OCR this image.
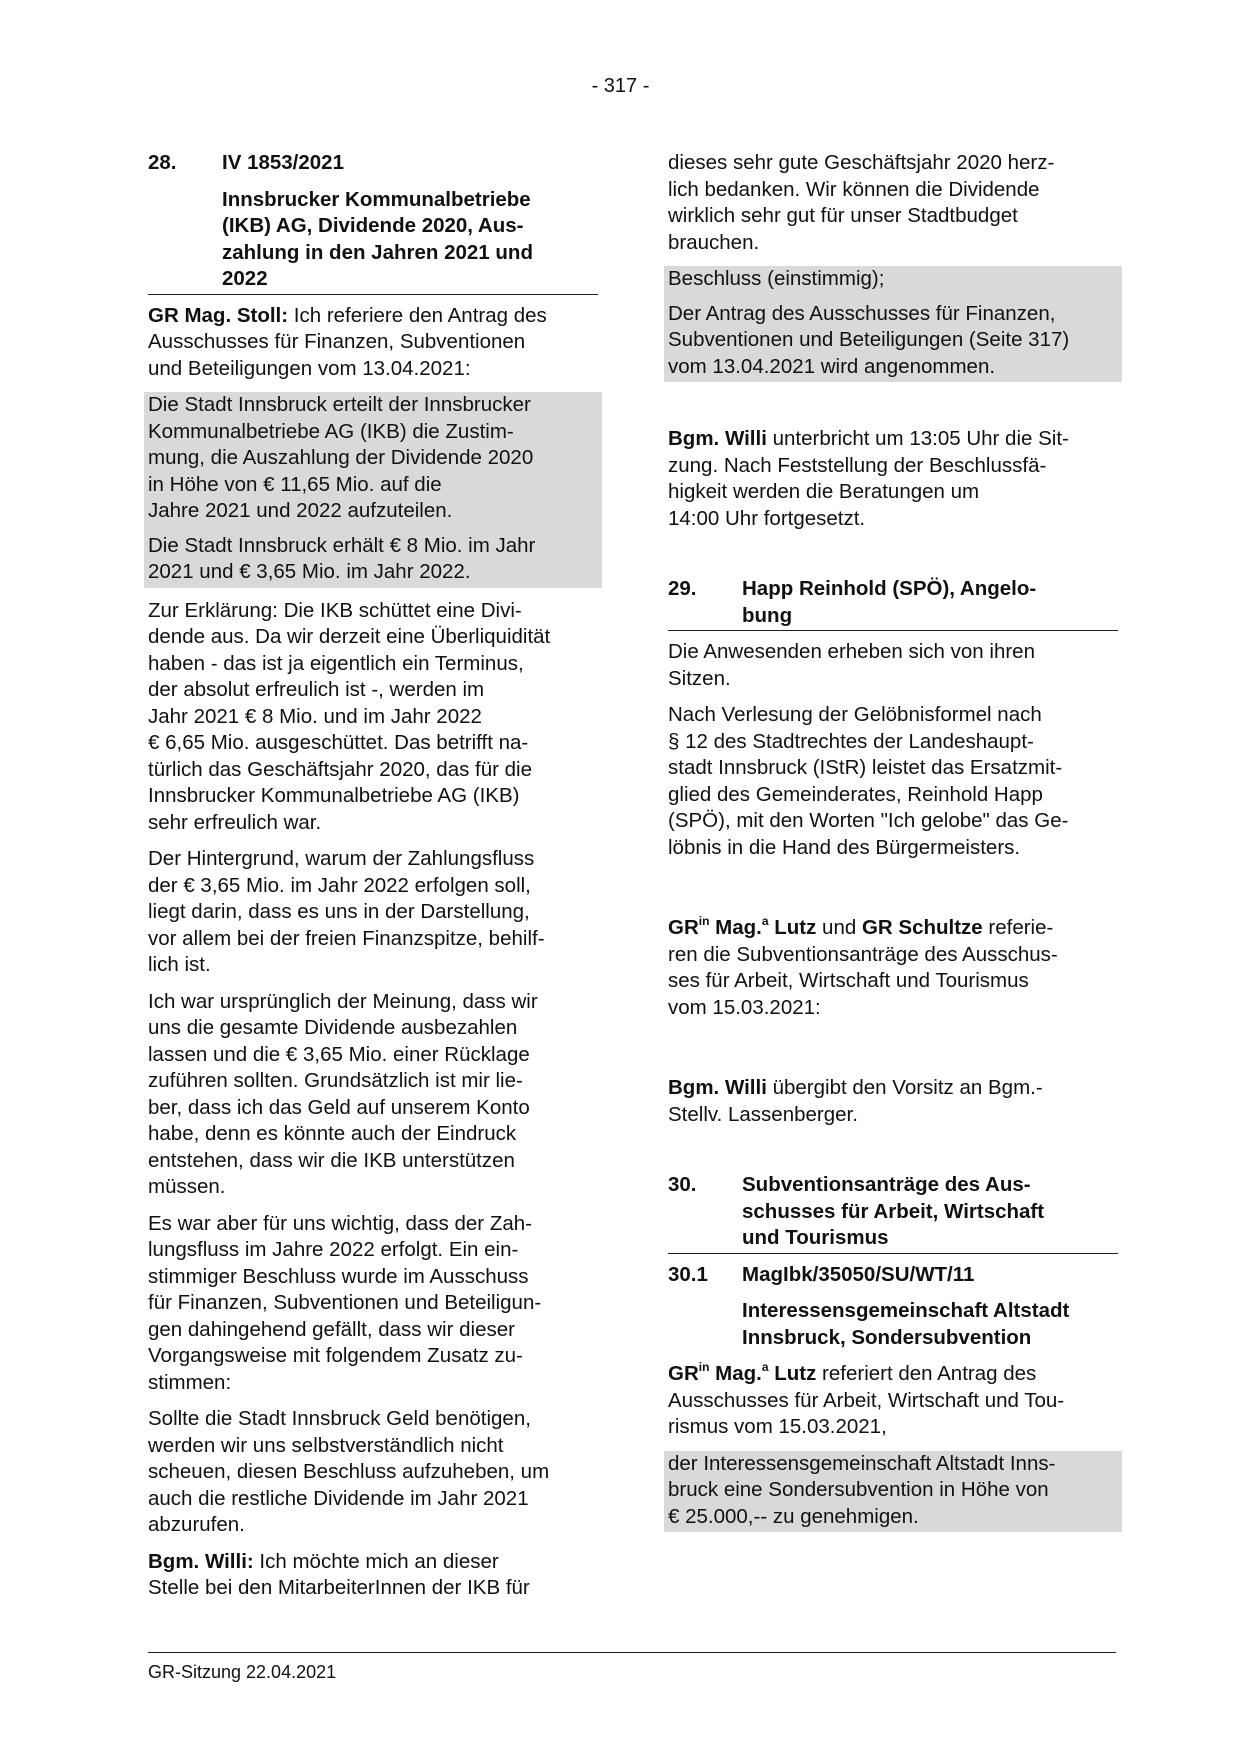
- 317 -
28.	IV 1853/2021
Innsbrucker Kommunalbetriebe
(IKB) AG, Dividende 2020, Aus-
zahlung in den Jahren 2021 und
2022

GR Mag. Stoll: Ich referiere den Antrag des
Ausschusses für Finanzen, Subventionen
und Beteiligungen vom 13.04.2021:

Die Stadt Innsbruck erteilt der Innsbrucker
Kommunalbetriebe AG (IKB) die Zustim-
mung, die Auszahlung der Dividende 2020
in Höhe von € 11,65 Mio. auf die
Jahre 2021 und 2022 aufzuteilen.

Die Stadt Innsbruck erhält € 8 Mio. im Jahr
2021 und € 3,65 Mio. im Jahr 2022.

Zur Erklärung: Die IKB schüttet eine Divi-
dende aus. Da wir derzeit eine Überliquidität
haben - das ist ja eigentlich ein Terminus,
der absolut erfreulich ist -, werden im
Jahr 2021 € 8 Mio. und im Jahr 2022
€ 6,65 Mio. ausgeschüttet. Das betrifft na-
türlich das Geschäftsjahr 2020, das für die
Innsbrucker Kommunalbetriebe AG (IKB)
sehr erfreulich war.

Der Hintergrund, warum der Zahlungsfluss
der € 3,65 Mio. im Jahr 2022 erfolgen soll,
liegt darin, dass es uns in der Darstellung,
vor allem bei der freien Finanzspitze, behilf-
lich ist.

Ich war ursprünglich der Meinung, dass wir
uns die gesamte Dividende ausbezahlen
lassen und die € 3,65 Mio. einer Rücklage
zuführen sollten. Grundsätzlich ist mir lie-
ber, dass ich das Geld auf unserem Konto
habe, denn es könnte auch der Eindruck
entstehen, dass wir die IKB unterstützen
müssen.

Es war aber für uns wichtig, dass der Zah-
lungsfluss im Jahre 2022 erfolgt. Ein ein-
stimmiger Beschluss wurde im Ausschuss
für Finanzen, Subventionen und Beteiligun-
gen dahingehend gefällt, dass wir dieser
Vorgangsweise mit folgendem Zusatz zu-
stimmen:

Sollte die Stadt Innsbruck Geld benötigen,
werden wir uns selbstverständlich nicht
scheuen, diesen Beschluss aufzuheben, um
auch die restliche Dividende im Jahr 2021
abzurufen.

Bgm. Willi: Ich möchte mich an dieser
Stelle bei den MitarbeiterInnen der IKB für

dieses sehr gute Geschäftsjahr 2020 herz-
lich bedanken. Wir können die Dividende
wirklich sehr gut für unser Stadtbudget
brauchen.

Beschluss (einstimmig);

Der Antrag des Ausschusses für Finanzen,
Subventionen und Beteiligungen (Seite 317)
vom 13.04.2021 wird angenommen.

Bgm. Willi unterbricht um 13:05 Uhr die Sit-
zung. Nach Feststellung der Beschlussfä-
higkeit werden die Beratungen um
14:00 Uhr fortgesetzt.

29.	Happ Reinhold (SPÖ), Angelo-
bung

Die Anwesenden erheben sich von ihren
Sitzen.

Nach Verlesung der Gelöbnisformel nach
§ 12 des Stadtrechtes der Landeshaupt-
stadt Innsbruck (IStR) leistet das Ersatzmit-
glied des Gemeinderates, Reinhold Happ
(SPÖ), mit den Worten "Ich gelobe" das Ge-
löbnis in die Hand des Bürgermeisters.

$GR^{in}$ Mag.$^a$ Lutz und GR Schultze referie-
ren die Subventionsanträge des Ausschus-
ses für Arbeit, Wirtschaft und Tourismus
vom 15.03.2021:

Bgm. Willi übergibt den Vorsitz an Bgm.-
Stellv. Lassenberger.

30.	Subventionsanträge des Aus-
schusses für Arbeit, Wirtschaft
und Tourismus
30.1	MagIbk/35050/SU/WT/11
Interessensgemeinschaft Altstadt
Innsbruck, Sondersubvention

$GR^{in}$ Mag.$^a$ Lutz referiert den Antrag des
Ausschusses für Arbeit, Wirtschaft und Tou-
rismus vom 15.03.2021,

der Interessensgemeinschaft Altstadt Inns-
bruck eine Sondersubvention in Höhe von
€ 25.000,-- zu genehmigen.

GR-Sitzung 22.04.2021
